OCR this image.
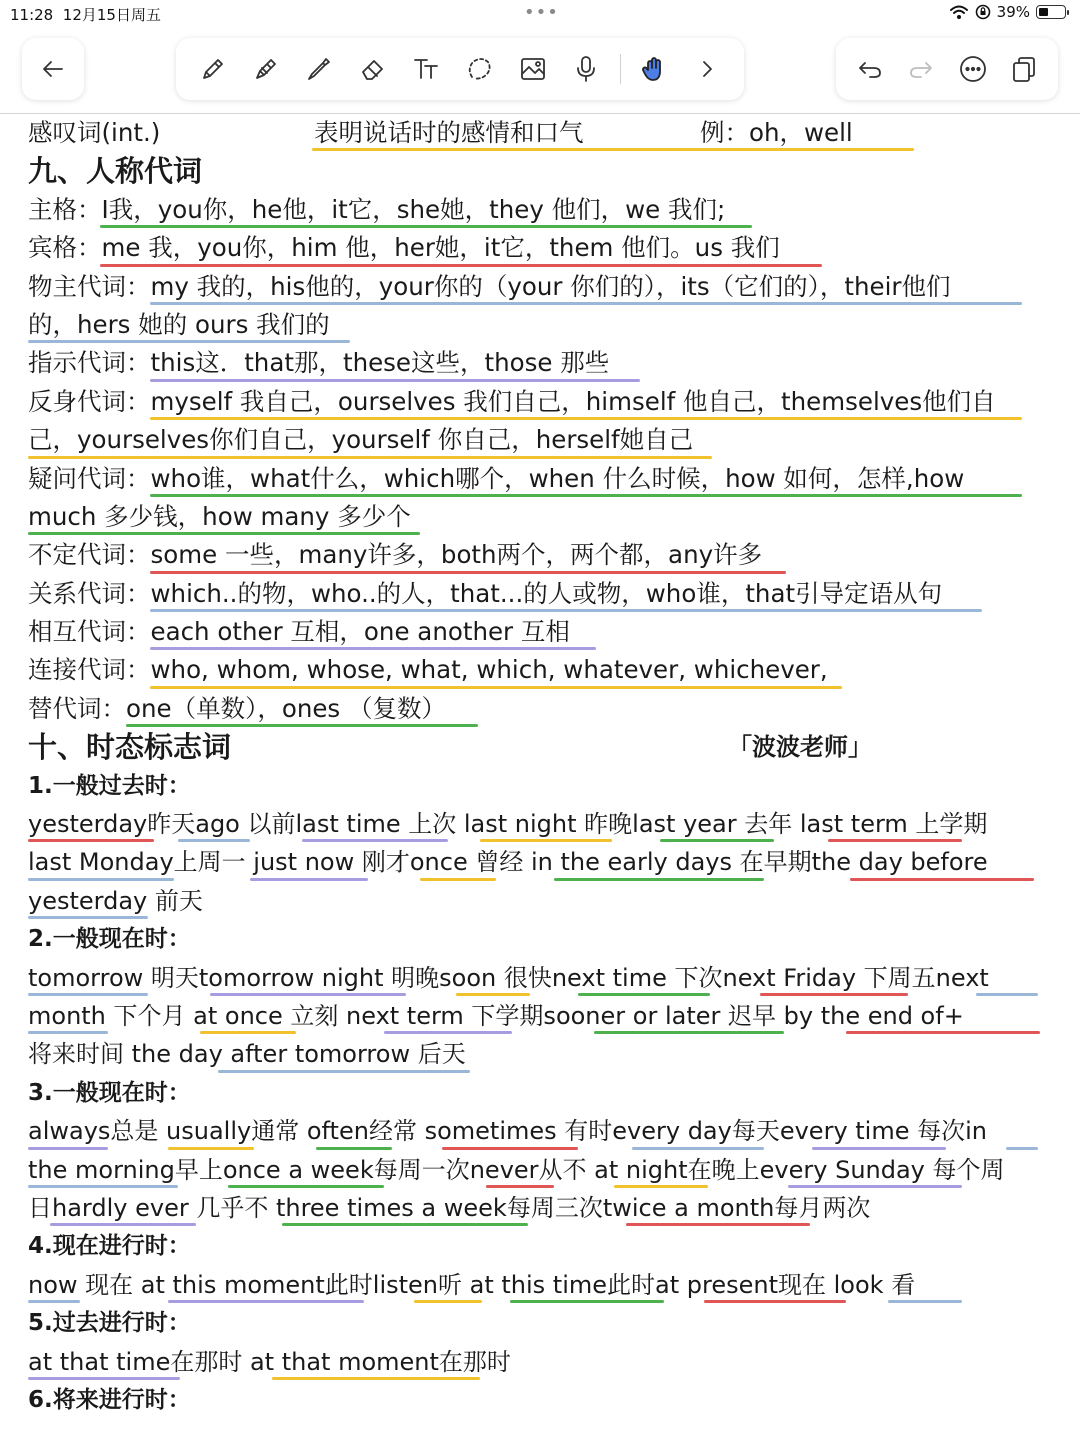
11:28 12月15日周五	•••	39%
感叹词(int.)	表明说话时的感情和口气	例：oh，well
九、人称代词
主格：I我，you你，he他，it它，she她，they 他们，we 我们;
宾格：me 我，you你，him 他，her她，it它，them 他们。us 我们
物主代词：my 我的，his他的，your你的（your 你们的），its（它们的），their他们
的，hers 她的 ours 我们的
指示代词：this这．that那，these这些，those 那些
反身代词：myself 我自己，ourselves 我们自己，himself 他自己，themselves他们自
己，yourselves你们自己，yourself 你自己，herself她自己
疑问代词：who谁，what什么，which哪个，when 什么时候，how 如何，怎样,how
much 多少钱，how many 多少个
不定代词：some 一些，many许多，both两个，两个都，any许多
关系代词：which..的物，who..的人，that...的人或物，who谁，that引导定语从句
相互代词：each other 互相，one another 互相
连接代词：who, whom, whose, what, which, whatever, whichever,
替代词：one（单数），ones （复数）
十、时态标志词	「波波老师」
1.一般过去时：
yesterday昨天ago 以前last time 上次 last night 昨晚last year 去年 last term 上学期
last Monday上周一 just now 刚才once 曾经 in the early days 在早期the day before
yesterday 前天
2.一般现在时：
tomorrow 明天tomorrow night 明晚soon 很快next time 下次next Friday 下周五next
month 下个月 at once 立刻 next term 下学期sooner or later 迟早 by the end of+
将来时间 the day after tomorrow 后天
3.一般现在时：
always总是 usually通常 often经常 sometimes 有时every day每天every time 每次in
the morning早上once a week每周一次never从不 at night在晚上every Sunday 每个周
日hardly ever 几乎不 three times a week每周三次twice a month每月两次
4.现在进行时：
now 现在 at this moment此时listen听 at this time此时at present现在 look 看
5.过去进行时：
at that time在那时 at that moment在那时
6.将来进行时：
